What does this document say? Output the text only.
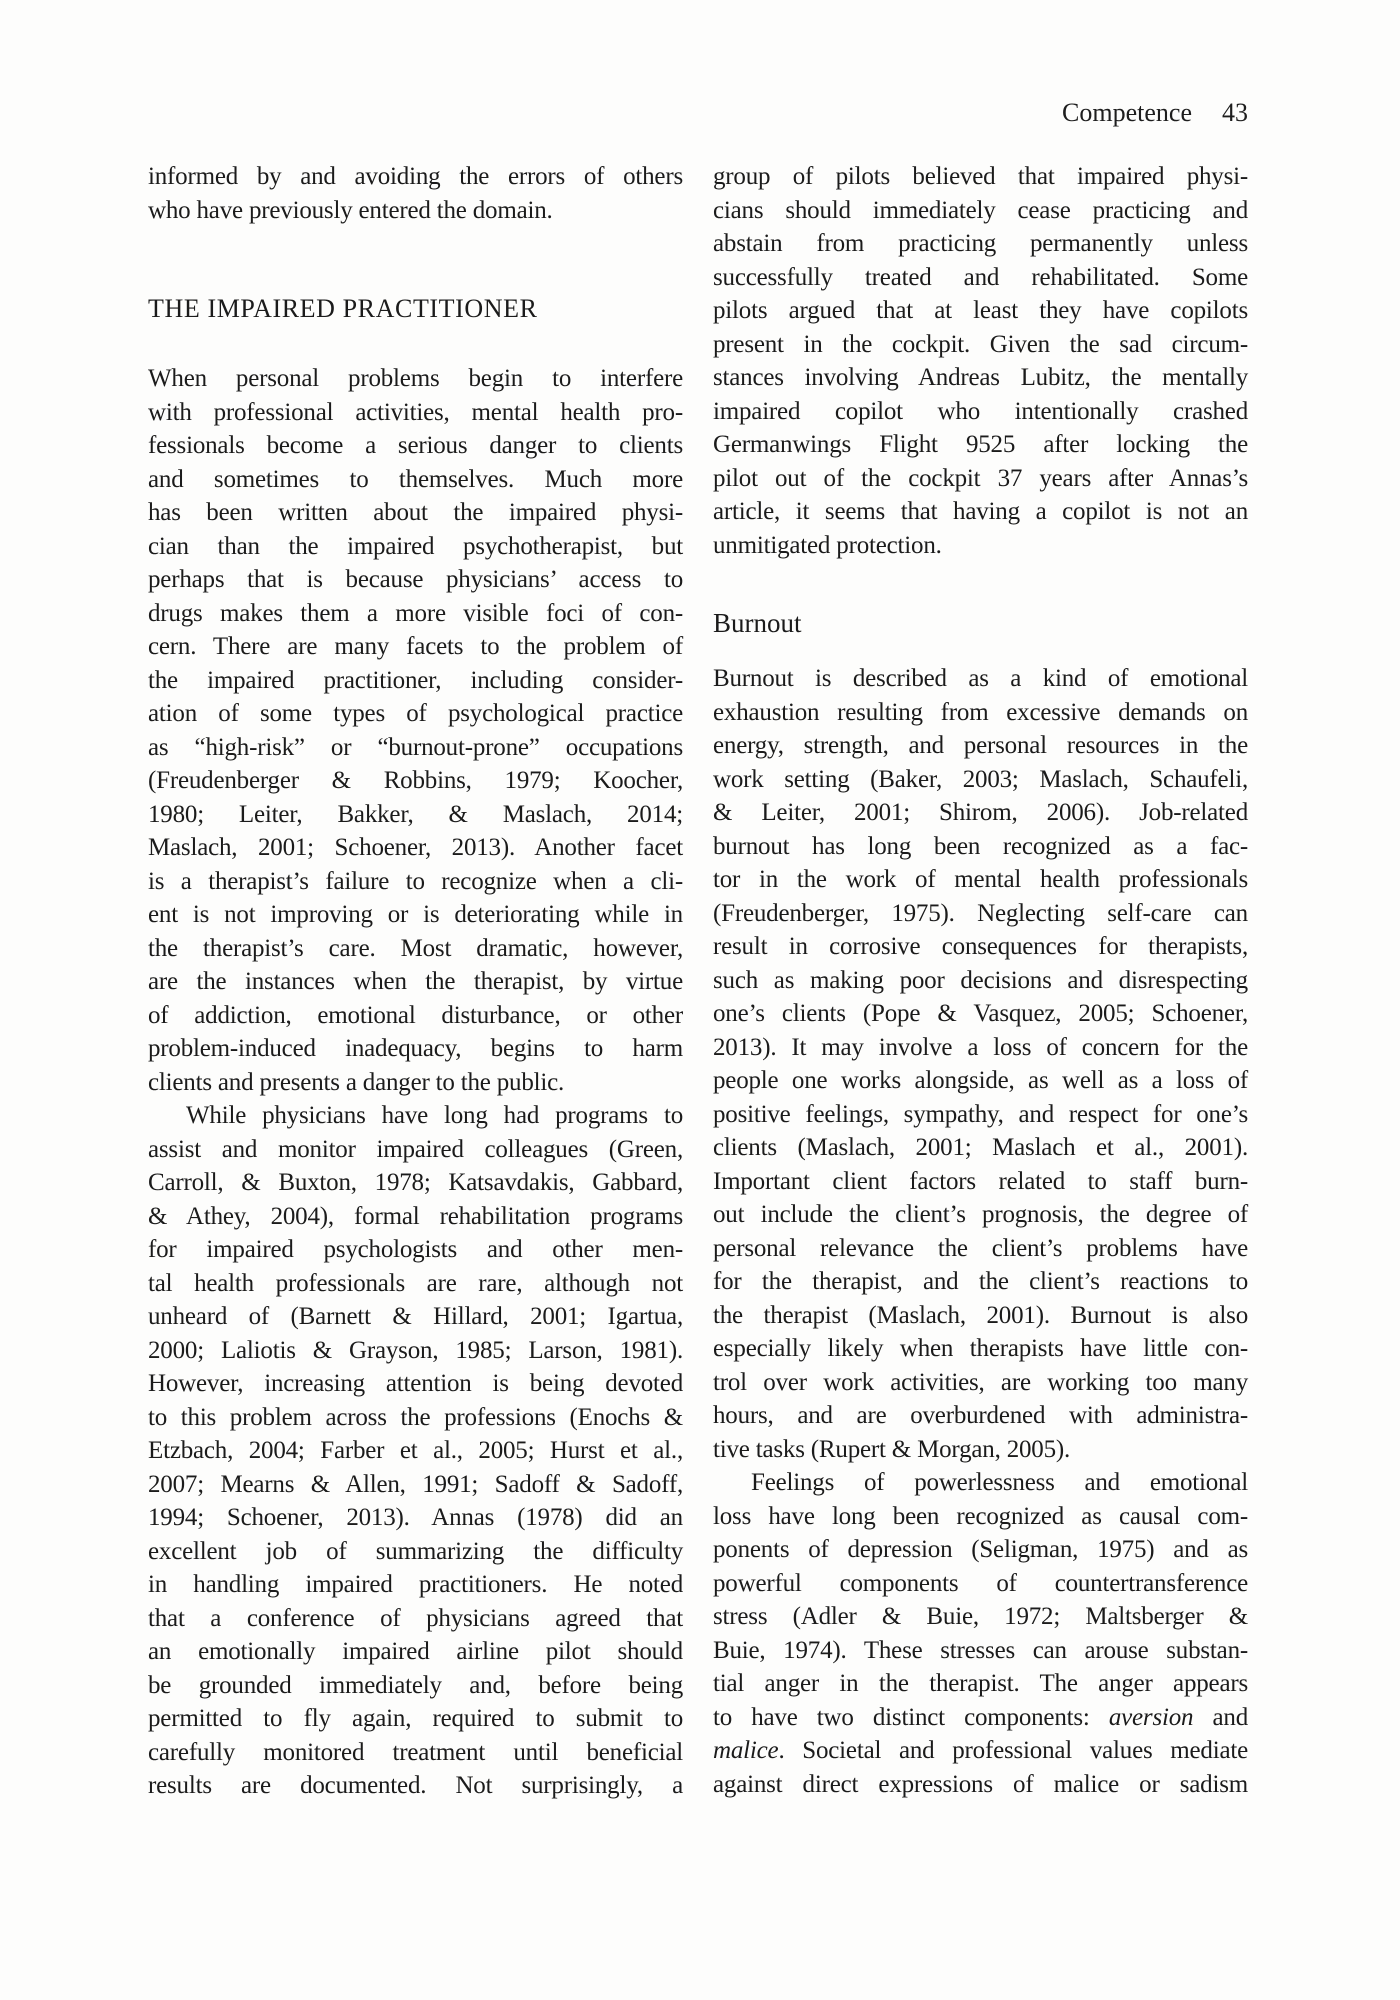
Competence 43
informed by and avoiding the errors of others
who have previously entered the domain.
THE IMPAIRED PRACTITIONER
When personal problems begin to interfere
with professional activities, mental health pro-
fessionals become a serious danger to clients
and sometimes to themselves. Much more
has been written about the impaired physi-
cian than the impaired psychotherapist, but
perhaps that is because physicians’ access to
drugs makes them a more visible foci of con-
cern. There are many facets to the problem of
the impaired practitioner, including consider-
ation of some types of psychological practice
as “high-risk” or “burnout-prone” occupations
(Freudenberger & Robbins, 1979; Koocher,
1980; Leiter, Bakker, & Maslach, 2014;
Maslach, 2001; Schoener, 2013). Another facet
is a therapist’s failure to recognize when a cli-
ent is not improving or is deteriorating while in
the therapist’s care. Most dramatic, however,
are the instances when the therapist, by virtue
of addiction, emotional disturbance, or other
problem-induced inadequacy, begins to harm
clients and presents a danger to the public.
While physicians have long had programs to
assist and monitor impaired colleagues (Green,
Carroll, & Buxton, 1978; Katsavdakis, Gabbard,
& Athey, 2004), formal rehabilitation programs
for impaired psychologists and other men-
tal health professionals are rare, although not
unheard of (Barnett & Hillard, 2001; Igartua,
2000; Laliotis & Grayson, 1985; Larson, 1981).
However, increasing attention is being devoted
to this problem across the professions (Enochs &
Etzbach, 2004; Farber et al., 2005; Hurst et al.,
2007; Mearns & Allen, 1991; Sadoff & Sadoff,
1994; Schoener, 2013). Annas (1978) did an
excellent job of summarizing the difficulty
in handling impaired practitioners. He noted
that a conference of physicians agreed that
an emotionally impaired airline pilot should
be grounded immediately and, before being
permitted to fly again, required to submit to
carefully monitored treatment until beneficial
results are documented. Not surprisingly, a
group of pilots believed that impaired physi-
cians should immediately cease practicing and
abstain from practicing permanently unless
successfully treated and rehabilitated. Some
pilots argued that at least they have copilots
present in the cockpit. Given the sad circum-
stances involving Andreas Lubitz, the mentally
impaired copilot who intentionally crashed
Germanwings Flight 9525 after locking the
pilot out of the cockpit 37 years after Annas’s
article, it seems that having a copilot is not an
unmitigated protection.
Burnout
Burnout is described as a kind of emotional
exhaustion resulting from excessive demands on
energy, strength, and personal resources in the
work setting (Baker, 2003; Maslach, Schaufeli,
& Leiter, 2001; Shirom, 2006). Job-related
burnout has long been recognized as a fac-
tor in the work of mental health professionals
(Freudenberger, 1975). Neglecting self-care can
result in corrosive consequences for therapists,
such as making poor decisions and disrespecting
one’s clients (Pope & Vasquez, 2005; Schoener,
2013). It may involve a loss of concern for the
people one works alongside, as well as a loss of
positive feelings, sympathy, and respect for one’s
clients (Maslach, 2001; Maslach et al., 2001).
Important client factors related to staff burn-
out include the client’s prognosis, the degree of
personal relevance the client’s problems have
for the therapist, and the client’s reactions to
the therapist (Maslach, 2001). Burnout is also
especially likely when therapists have little con-
trol over work activities, are working too many
hours, and are overburdened with administra-
tive tasks (Rupert & Morgan, 2005).
Feelings of powerlessness and emotional
loss have long been recognized as causal com-
ponents of depression (Seligman, 1975) and as
powerful components of countertransference
stress (Adler & Buie, 1972; Maltsberger &
Buie, 1974). These stresses can arouse substan-
tial anger in the therapist. The anger appears
to have two distinct components: aversion and
malice. Societal and professional values mediate
against direct expressions of malice or sadism
